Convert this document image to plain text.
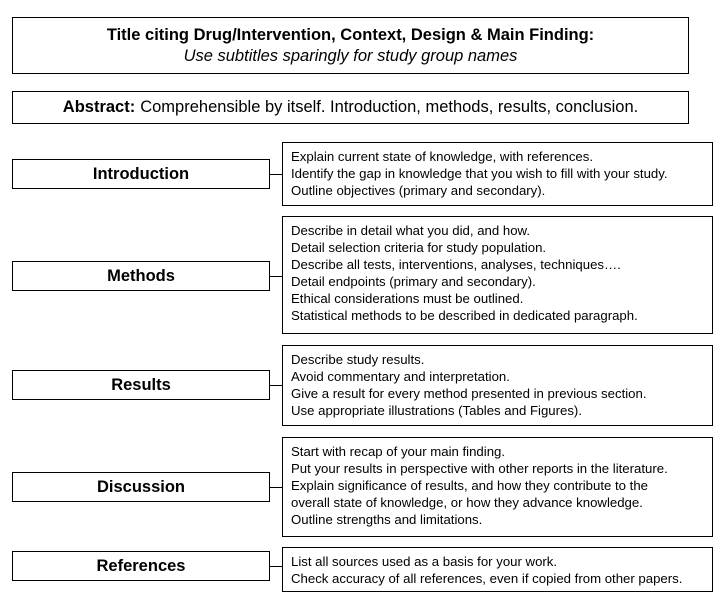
Title citing Drug/Intervention, Context, Design & Main Finding:
Use subtitles sparingly for study group names
Abstract: Comprehensible by itself. Introduction, methods, results, conclusion.
Introduction
Explain current state of knowledge, with references.
Identify the gap in knowledge that you wish to fill with your study.
Outline objectives (primary and secondary).
Methods
Describe in detail what you did, and how.
Detail selection criteria for study population.
Describe all tests, interventions, analyses, techniques….
Detail endpoints (primary and secondary).
Ethical considerations must be outlined.
Statistical methods to be described in dedicated paragraph.
Results
Describe study results.
Avoid commentary and interpretation.
Give a result for every method presented in previous section.
Use appropriate illustrations (Tables and Figures).
Discussion
Start with recap of your main finding.
Put your results in perspective with other reports in the literature.
Explain significance of results, and how they contribute to the
overall state of knowledge, or how they advance knowledge.
Outline strengths and limitations.
References	List all sources used as a basis for your work.
Check accuracy of all references, even if copied from other papers.
